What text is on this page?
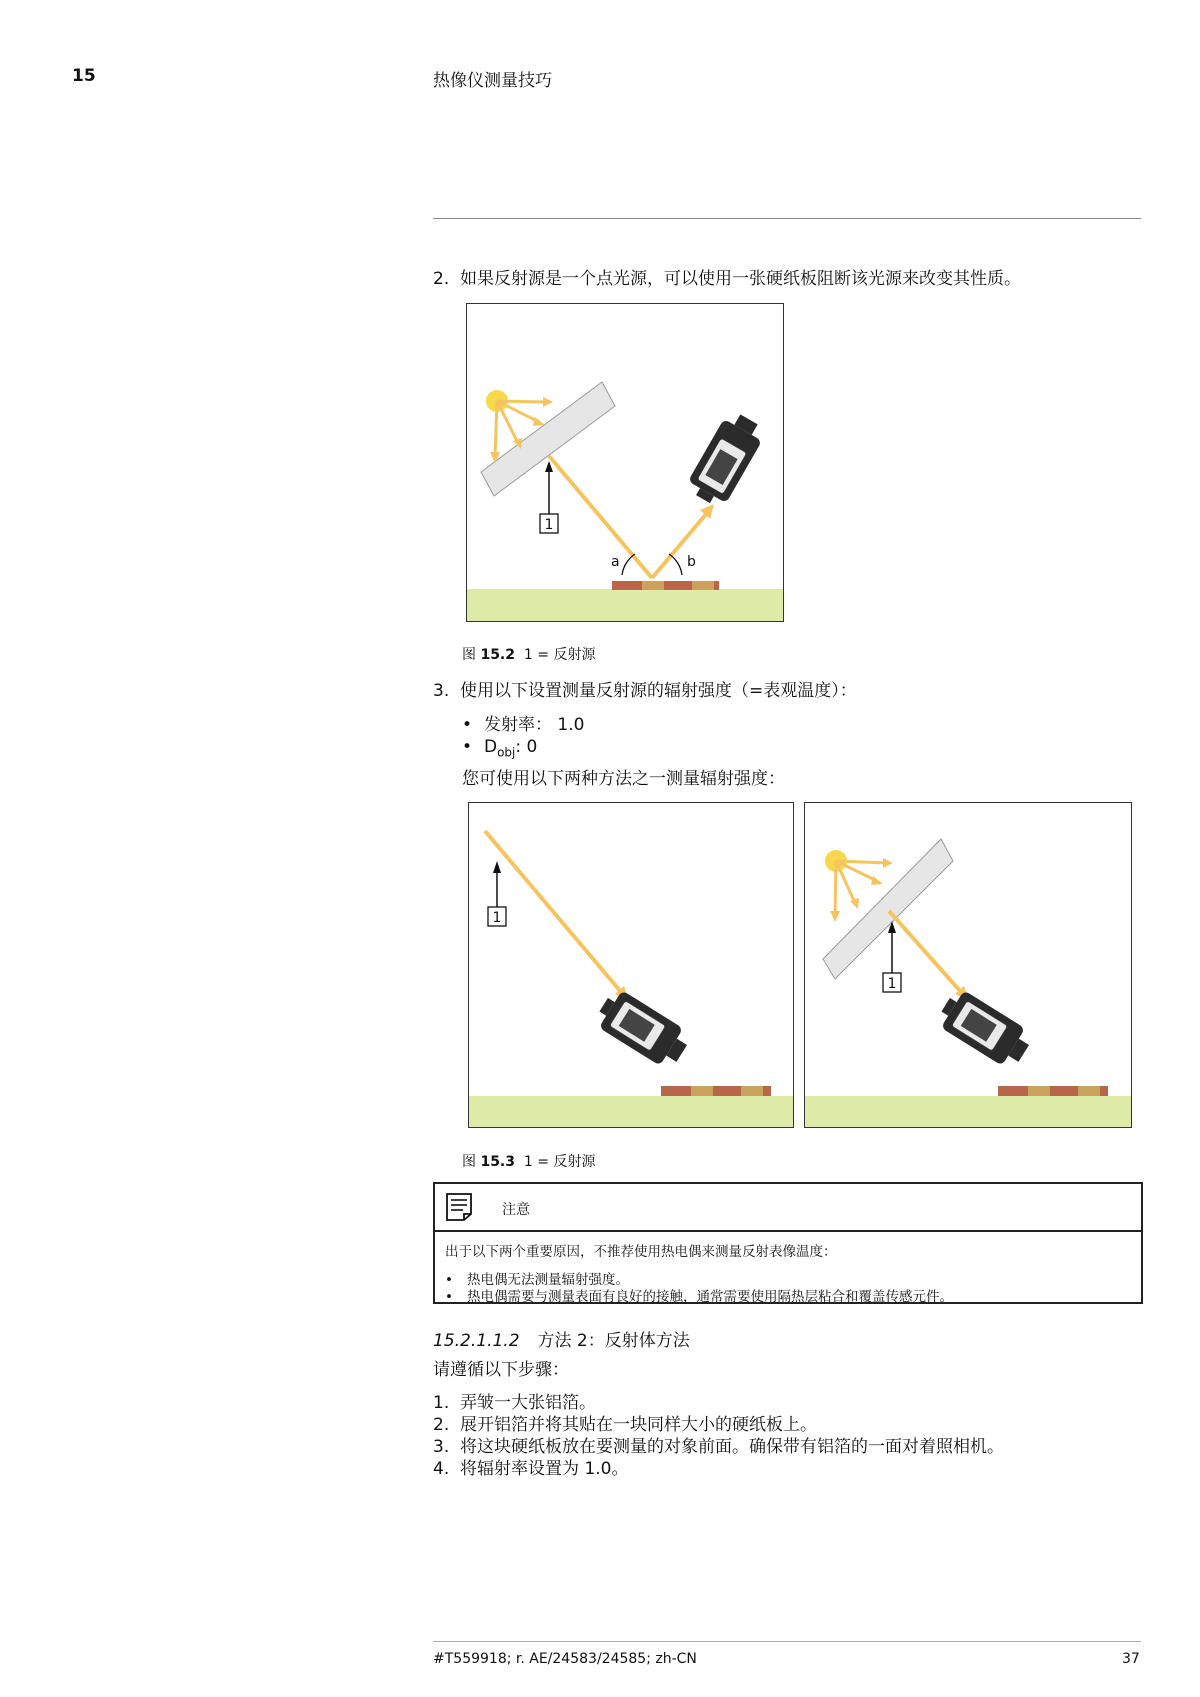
15	热像仪测量技巧
2. 如果反射源是一个点光源，可以使用一张硬纸板阻断该光源来改变其性质。
1
a	b
图 15.2 1 = 反射源
3. 使用以下设置测量反射源的辐射强度（=表观温度）：
• 发射率： 1.0
• $D_{obj}$: 0
您可使用以下两种方法之一测量辐射强度：
1
1
图 15.3 1 = 反射源
注意
出于以下两个重要原因，不推荐使用热电偶来测量反射表像温度：
• 热电偶无法测量辐射强度。
• 热电偶需要与测量表面有良好的接触，通常需要使用隔热层粘合和覆盖传感元件。
15.2.1.1.2 方法 2：反射体方法
请遵循以下步骤：
1. 弄皱一大张铝箔。
2. 展开铝箔并将其贴在一块同样大小的硬纸板上。
3. 将这块硬纸板放在要测量的对象前面。确保带有铝箔的一面对着照相机。
4. 将辐射率设置为 1.0。
#T559918; r. AE/24583/24585; zh-CN	37
